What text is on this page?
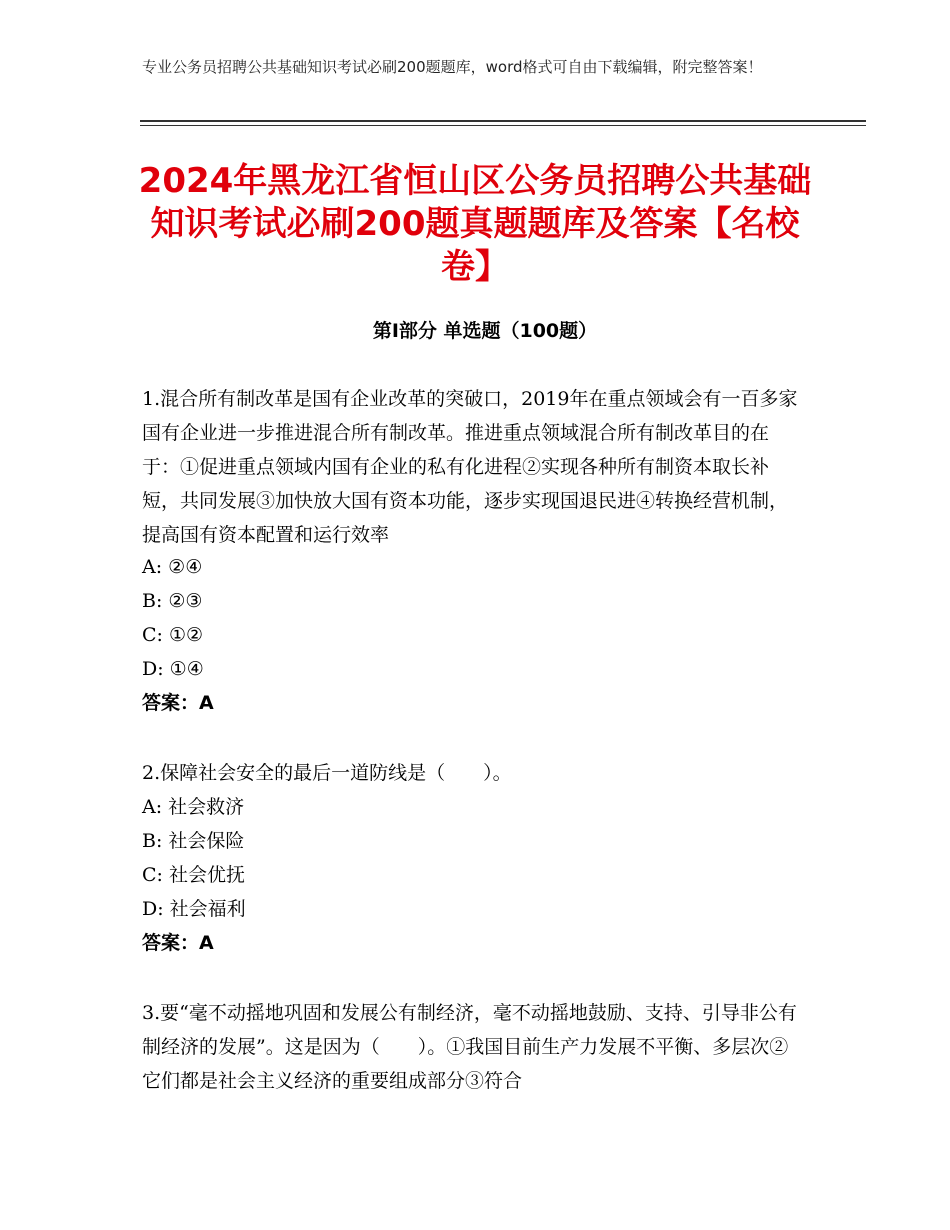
专业公务员招聘公共基础知识考试必刷200题题库，word格式可自由下载编辑，附完整答案！
2024年黑龙江省恒山区公务员招聘公共基础知识考试必刷200题真题题库及答案【名校卷】
第Ⅰ部分 单选题（100题）
1.混合所有制改革是国有企业改革的突破口，2019年在重点领域会有一百多家国有企业进一步推进混合所有制改革。推进重点领域混合所有制改革目的在于：①促进重点领域内国有企业的私有化进程②实现各种所有制资本取长补短，共同发展③加快放大国有资本功能，逐步实现国退民进④转换经营机制，提高国有资本配置和运行效率
A: ②④
B: ②③
C: ①②
D: ①④
答案：A
2.保障社会安全的最后一道防线是（　　）。
A: 社会救济
B: 社会保险
C: 社会优抚
D: 社会福利
答案：A
3.要“毫不动摇地巩固和发展公有制经济，毫不动摇地鼓励、支持、引导非公有制经济的发展”。这是因为（　　）。①我国目前生产力发展不平衡、多层次②它们都是社会主义经济的重要组成部分③符合
